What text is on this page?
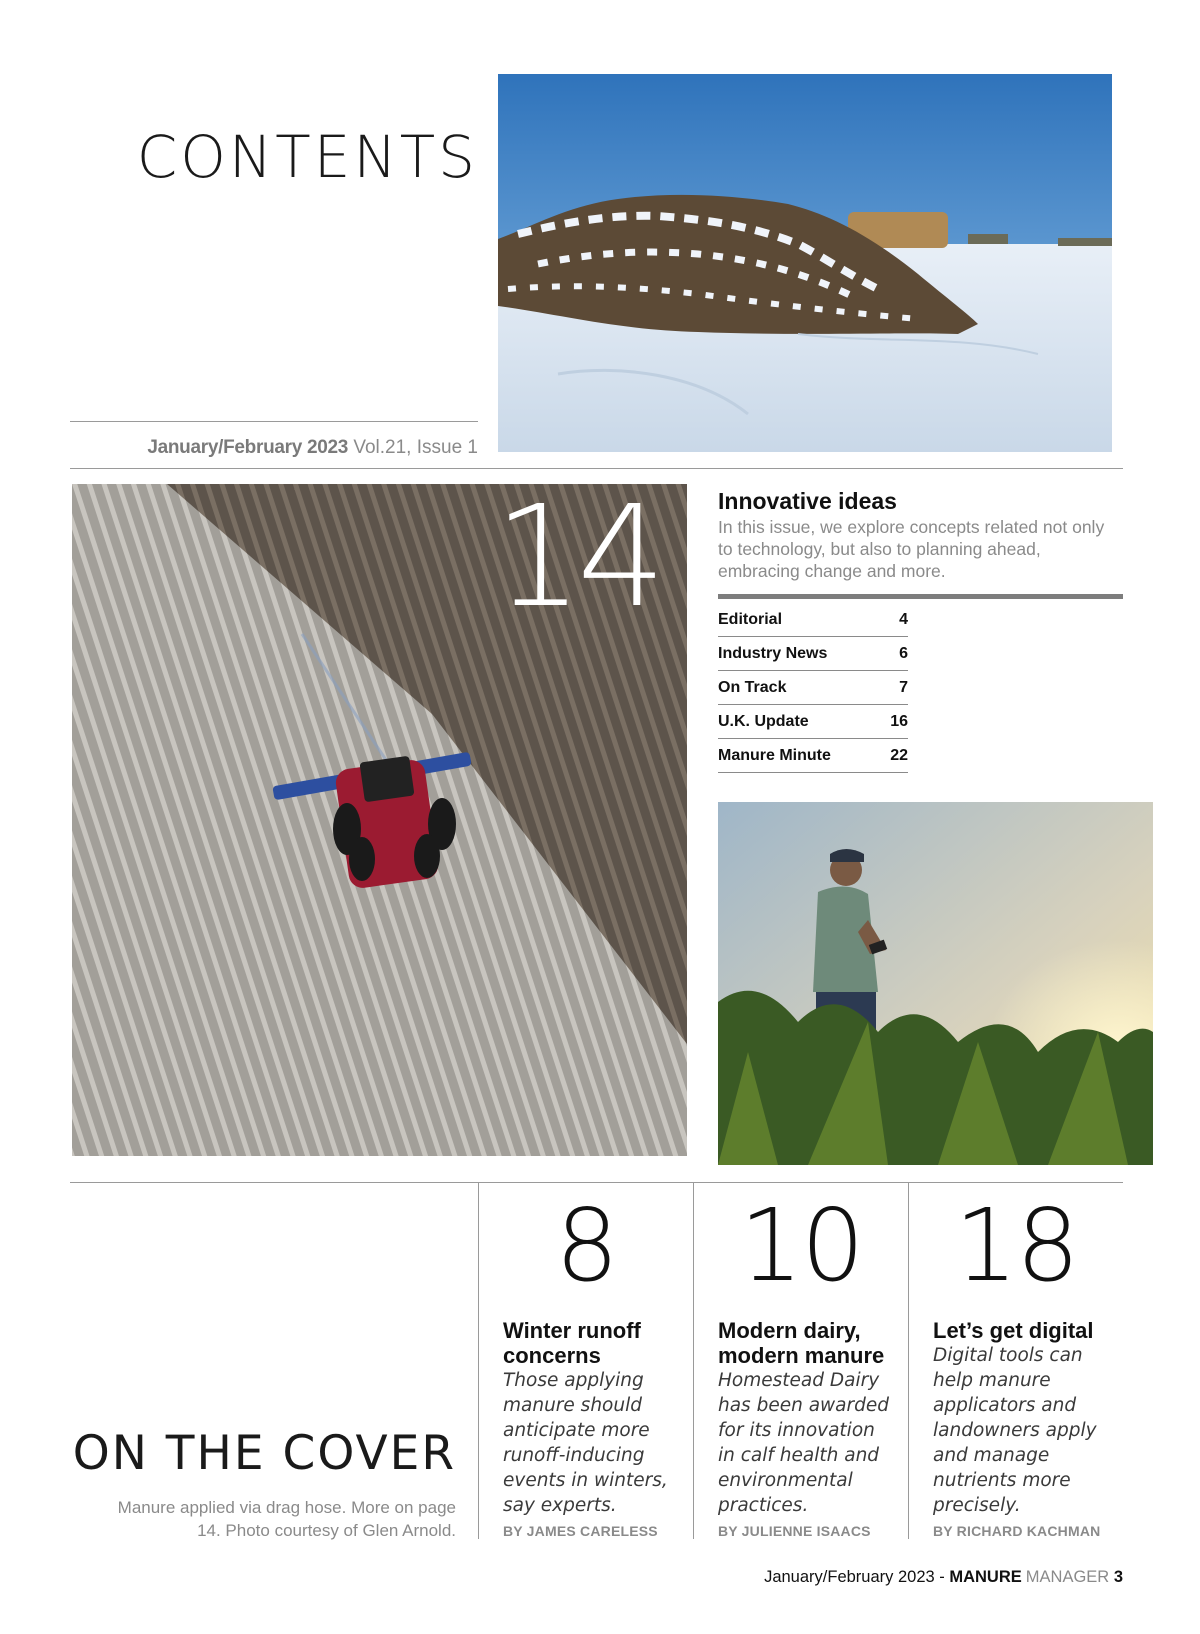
CONTENTS
January/February 2023 Vol.21, Issue 1
14	Innovative ideas
In this issue, we explore concepts related not only to technology, but also to planning ahead, embracing change and more.
Editorial	4
Industry News	6
On Track	7
U.K. Update	16
Manure Minute	22
8
Winter runoff
concerns
Those applying
manure should
anticipate more
runoff-inducing
events in winters,
say experts.
BY JAMES CARELESS
10
Modern dairy,
modern manure
Homestead Dairy
has been awarded
for its innovation
in calf health and
environmental
practices.
BY JULIENNE ISAACS
18
Let’s get digital
Digital tools can
help manure
applicators and
landowners apply
and manage
nutrients more
precisely.
BY RICHARD KACHMAN
ON THE COVER
Manure applied via drag hose. More on page
14. Photo courtesy of Glen Arnold.
January/February 2023 - MANURE MANAGER 3
